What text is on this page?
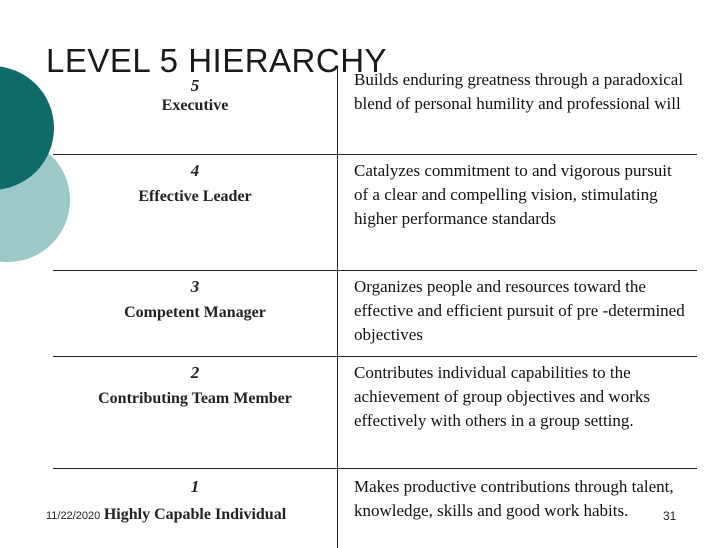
LEVEL 5 HIERARCHY
5
Executive	Builds enduring greatness through a paradoxical blend of personal humility and professional will

4
Effective Leader	Catalyzes commitment to and vigorous pursuit of a clear and compelling vision, stimulating higher performance standards

3
Competent Manager	Organizes people and resources toward the effective and efficient pursuit of pre -determined objectives

2
Contributing Team Member	Contributes individual capabilities to the achievement of group objectives and works effectively with others in a group setting.

1
Highly Capable Individual	Makes productive contributions through talent, knowledge, skills and good work habits.
11/22/2020	31
